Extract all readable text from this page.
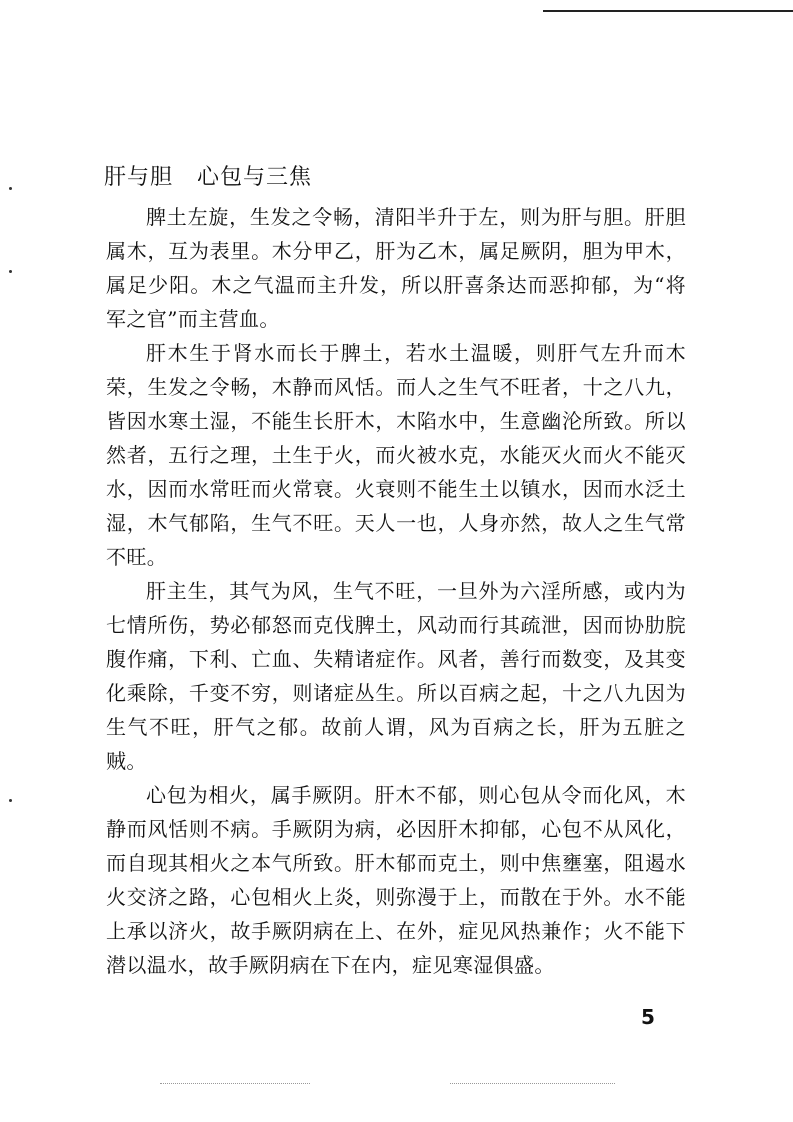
肝与胆 心包与三焦

脾土左旋，生发之令畅，清阳半升于左，则为肝与胆。肝胆属木，互为表里。木分甲乙，肝为乙木，属足厥阴，胆为甲木，属足少阳。木之气温而主升发，所以肝喜条达而恶抑郁，为“将军之官”而主营血。

肝木生于肾水而长于脾土，若水土温暖，则肝气左升而木荣，生发之令畅，木静而风恬。而人之生气不旺者，十之八九，皆因水寒土湿，不能生长肝木，木陷水中，生意幽沦所致。所以然者，五行之理，土生于火，而火被水克，水能灭火而火不能灭水，因而水常旺而火常衰。火衰则不能生土以镇水，因而水泛土湿，木气郁陷，生气不旺。天人一也，人身亦然，故人之生气常不旺。

肝主生，其气为风，生气不旺，一旦外为六淫所感，或内为七情所伤，势必郁怒而克伐脾土，风动而行其疏泄，因而协肋脘腹作痛，下利、亡血、失精诸症作。风者，善行而数变，及其变化乘除，千变不穷，则诸症丛生。所以百病之起，十之八九因为生气不旺，肝气之郁。故前人谓，风为百病之长，肝为五脏之贼。

心包为相火，属手厥阴。肝木不郁，则心包从令而化风，木静而风恬则不病。手厥阴为病，必因肝木抑郁，心包不从风化，而自现其相火之本气所致。肝木郁而克土，则中焦壅塞，阻遏水火交济之路，心包相火上炎，则弥漫于上，而散在于外。水不能上承以济火，故手厥阴病在上、在外，症见风热兼作；火不能下潜以温水，故手厥阴病在下在内，症见寒湿俱盛。

5
